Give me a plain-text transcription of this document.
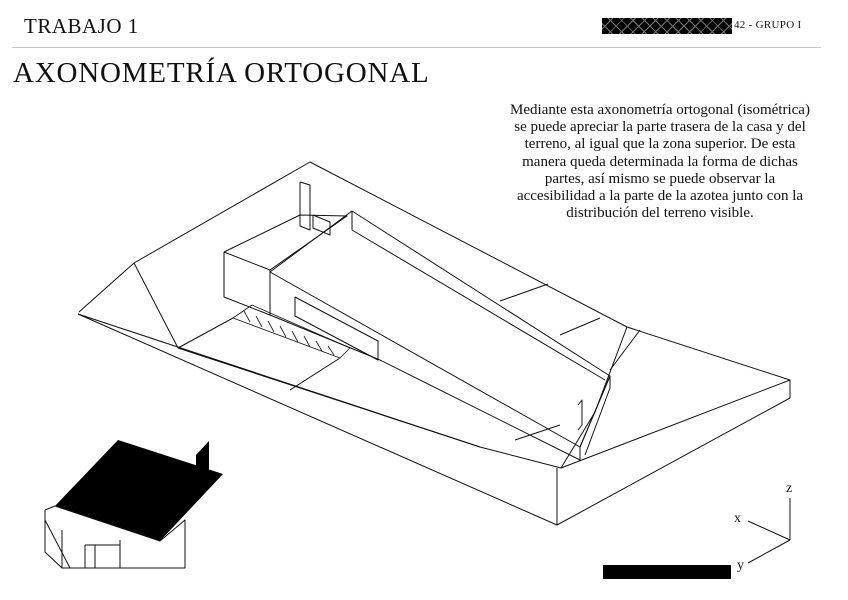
TRABAJO 1	42 - GRUPO I
AXONOMETRÍA ORTOGONAL
Mediante esta axonometría ortogonal (isométrica) se puede apreciar la parte trasera de la casa y del terreno, al igual que la zona superior. De esta manera queda determinada la forma de dichas partes, así mismo se puede observar la accesibilidad a la parte de la azotea junto con la distribución del terreno visible.
z
x
y
